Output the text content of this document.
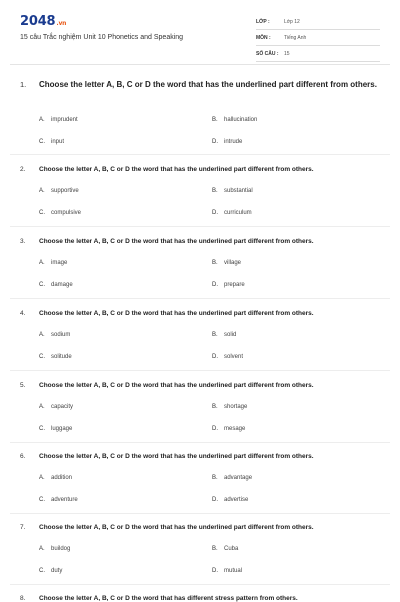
2048.vn
15 câu Trắc nghiệm Unit 10 Phonetics and Speaking
LỚP :	Lớp 12
MÔN :	Tiếng Anh
SỐ CÂU :	15
1. Choose the letter A, B, C or D the word that has the underlined part different from others.
A. imprudent	B. hallucination
C. input	D. intrude
2. Choose the letter A, B, C or D the word that has the underlined part different from others.
A. supportive	B. substantial
C. compulsive	D. curriculum
3. Choose the letter A, B, C or D the word that has the underlined part different from others.
A. image	B. village
C. damage	D. prepare
4. Choose the letter A, B, C or D the word that has the underlined part different from others.
A. sodium	B. solid
C. solitude	D. solvent
5. Choose the letter A, B, C or D the word that has the underlined part different from others.
A. capacity	B. shortage
C. luggage	D. mesage
6. Choose the letter A, B, C or D the word that has the underlined part different from others.
A. addition	B. advantage
C. adventure	D. advertise
7. Choose the letter A, B, C or D the word that has the underlined part different from others.
A. buildog	B. Cuba
C. duty	D. mutual
8. Choose the letter A, B, C or D the word that has different stress pattern from others.
